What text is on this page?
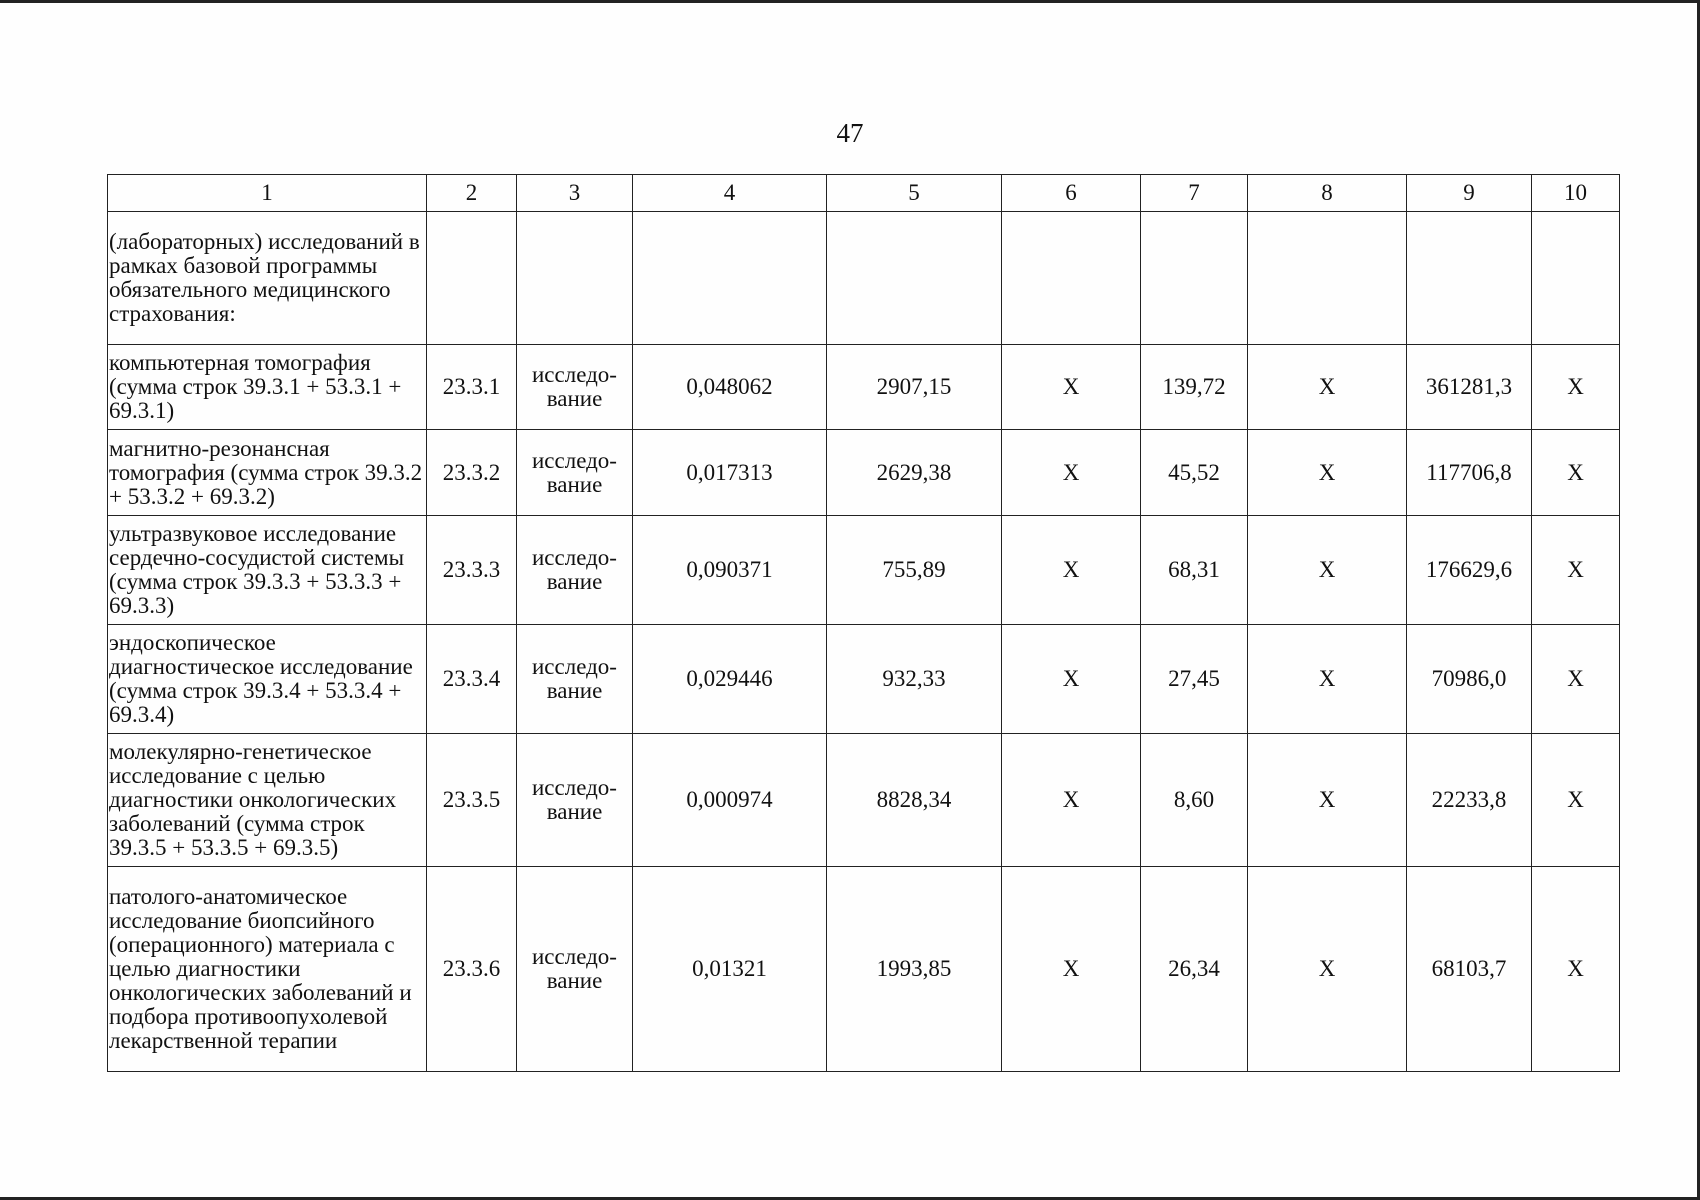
47
1	2	3	4	5	6	7	8	9	10
(лабораторных) исследований в рамках базовой программы обязательного медицинского страхования:									
компьютерная томография (сумма строк 39.3.1 + 53.3.1 + 69.3.1)	23.3.1	исследо-вание	0,048062	2907,15	X	139,72	X	361281,3	X
магнитно-резонансная томография (сумма строк 39.3.2 + 53.3.2 + 69.3.2)	23.3.2	исследо-вание	0,017313	2629,38	X	45,52	X	117706,8	X
ультразвуковое исследование сердечно-сосудистой системы (сумма строк 39.3.3 + 53.3.3 + 69.3.3)	23.3.3	исследо-вание	0,090371	755,89	X	68,31	X	176629,6	X
эндоскопическое диагностическое исследование (сумма строк 39.3.4 + 53.3.4 + 69.3.4)	23.3.4	исследо-вание	0,029446	932,33	X	27,45	X	70986,0	X
молекулярно-генетическое исследование с целью диагностики онкологических заболеваний (сумма строк 39.3.5 + 53.3.5 + 69.3.5)	23.3.5	исследо-вание	0,000974	8828,34	X	8,60	X	22233,8	X
патолого-анатомическое исследование биопсийного (операционного) материала с целью диагностики онкологических заболеваний и подбора противоопухолевой лекарственной терапии	23.3.6	исследо-вание	0,01321	1993,85	X	26,34	X	68103,7	X
